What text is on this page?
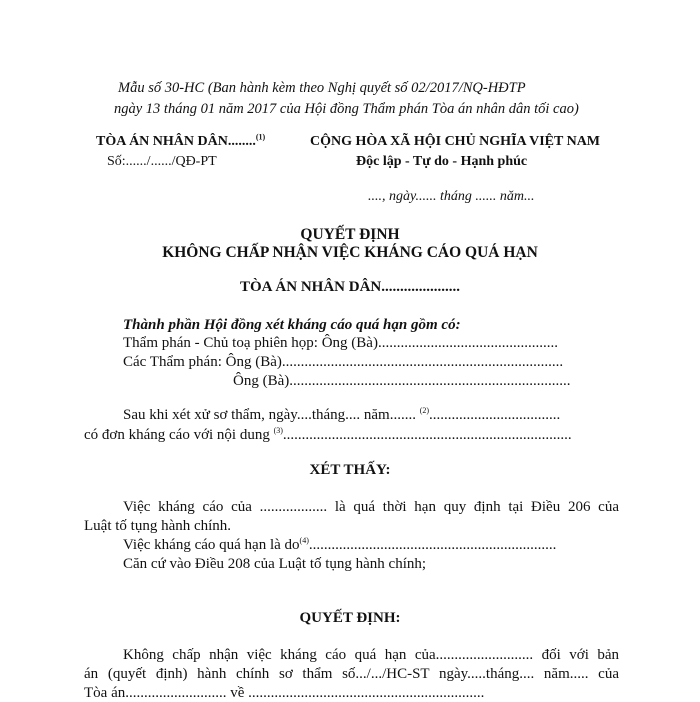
Mẫu số 30-HC (Ban hành kèm theo Nghị quyết số 02/2017/NQ-HĐTP
ngày 13 tháng 01 năm 2017 của Hội đồng Thẩm phán Tòa án nhân dân tối cao)
TÒA ÁN NHÂN DÂN........$^{(1)}$
Số:....../....../QĐ-PT
CỘNG HÒA XÃ HỘI CHỦ NGHĨA VIỆT NAM
Độc lập - Tự do - Hạnh phúc
...., ngày...... tháng ...... năm...
QUYẾT ĐỊNH
KHÔNG CHẤP NHẬN VIỆC KHÁNG CÁO QUÁ HẠN
TÒA ÁN NHÂN DÂN.....................
Thành phần Hội đồng xét kháng cáo quá hạn gồm có:
Thẩm phán - Chủ toạ phiên họp: Ông (Bà)................................................
Các Thẩm phán: Ông (Bà)...........................................................................
Ông (Bà)...........................................................................
Sau khi xét xử sơ thẩm, ngày....tháng.... năm....... $^{(2)}$...................................
có đơn kháng cáo với nội dung $^{(3)}$.............................................................................
XÉT THẤY:
Việc kháng cáo của .................. là quá thời hạn quy định tại Điều 206 của
Luật tố tụng hành chính.
Việc kháng cáo quá hạn là $do^{(4)}$..................................................................
Căn cứ vào Điều 208 của Luật tố tụng hành chính;
QUYẾT ĐỊNH:
Không chấp nhận việc kháng cáo quá hạn của.......................... đối với bản
án (quyết định) hành chính sơ thẩm số.../.../HC-ST ngày.....tháng.... năm..... của
Tòa án........................... về ...............................................................
